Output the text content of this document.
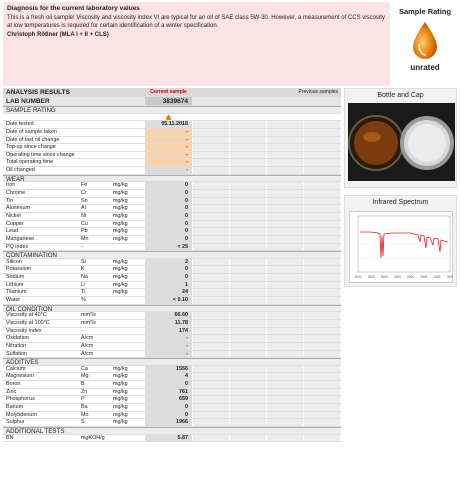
Diagnosis for the current laboratory values
This is a fresh oil sample! Viscosity and viscosity index VI are typical for an oil of SAE class 5W-30. However, a measurement of CCS viscosity at low temperatures is required for certain identification of a winter specification.
Christoph Rößner (MLA I + II + CLS)
Sample Rating
unrated
ANALYSIS RESULTS	Current sample	Previous samples
LAB NUMBER	3839674
SAMPLE RATING
Date tested	05.11.2018
Date of sample taken	-
Date of last oil change	-
Top-up since change	-
Operating time since change	-
Total operating time	-
Oil changed	-
WEAR
Iron	Fe	mg/kg	0
Chrome	Cr	mg/kg	0
Tin	Sn	mg/kg	0
Aluminum	Al	mg/kg	0
Nickel	Ni	mg/kg	0
Copper	Cu	mg/kg	0
Lead	Pb	mg/kg	0
Manganese	Mn	mg/kg	0
PQ index	-	< 25
CONTAMINATION
Silicon	Si	mg/kg	2
Potassium	K	mg/kg	0
Sodium	Na	mg/kg	0
Lithium	Li	mg/kg	1
Titanium	Ti	mg/kg	24
Water	%	< 0.10
OIL CONDITION
Viscosity at 40°C	mm²/s	66.60
Viscosity at 100°C	mm²/s	11.78
Viscosity index	-	174
Oxidation	A/cm	-
Nitration	A/cm	-
Sulfation	A/cm	-
ADDITIVES
Calcium	Ca	mg/kg	1556
Magnesium	Mg	mg/kg	4
Boron	B	mg/kg	0
Zinc	Zn	mg/kg	761
Phosphorus	P	mg/kg	659
Barium	Ba	mg/kg	0
Molybdenum	Mo	mg/kg	0
Sulphur	S	mg/kg	1966
ADDITIONAL TESTS
BN	mgKOH/g	5.87
Bottle and Cap
Infrared Spectrum
4000 3500 3000 2500 2000 1500 1000 500
